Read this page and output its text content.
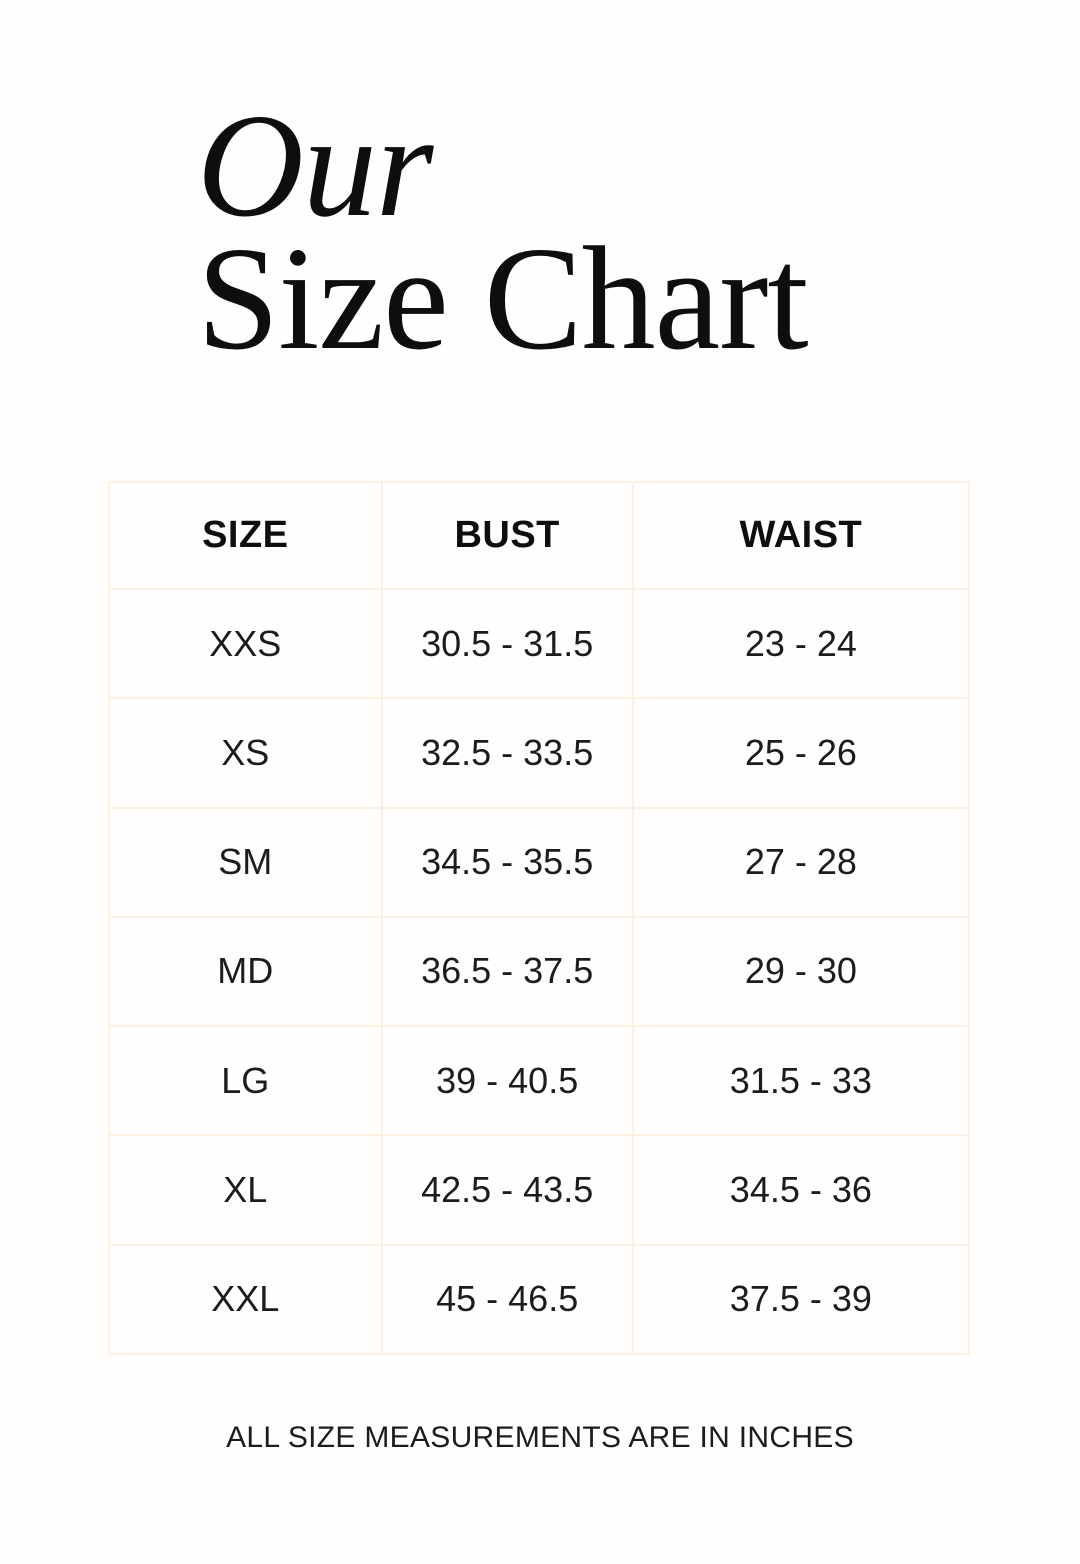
Our
Size Chart
SIZE	BUST	WAIST
XXS	30.5 - 31.5	23 - 24
XS	32.5 - 33.5	25 - 26
SM	34.5 - 35.5	27 - 28
MD	36.5 - 37.5	29 - 30
LG	39 - 40.5	31.5 - 33
XL	42.5 - 43.5	34.5 - 36
XXL	45 - 46.5	37.5 - 39
ALL SIZE MEASUREMENTS ARE IN INCHES
